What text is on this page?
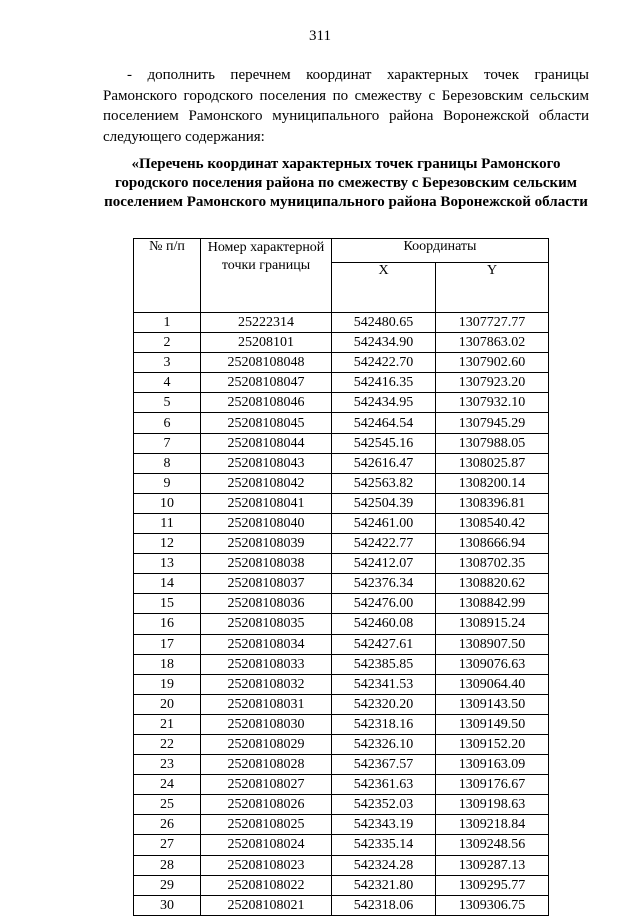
311
- дополнить перечнем координат характерных точек границы Рамонского городского поселения по смежеству с Березовским сельским поселением Рамонского муниципального района Воронежской области следующего содержания:
«Перечень координат характерных точек границы Рамонского городского поселения района по смежеству с Березовским сельским поселением Рамонского муниципального района Воронежской области
№ п/п	Номер характерной точки границы	Координаты	
		X	Y

1	25222314	542480.65	1307727.77
2	25208101	542434.90	1307863.02
3	25208108048	542422.70	1307902.60
4	25208108047	542416.35	1307923.20
5	25208108046	542434.95	1307932.10
6	25208108045	542464.54	1307945.29
7	25208108044	542545.16	1307988.05
8	25208108043	542616.47	1308025.87
9	25208108042	542563.82	1308200.14
10	25208108041	542504.39	1308396.81
11	25208108040	542461.00	1308540.42
12	25208108039	542422.77	1308666.94
13	25208108038	542412.07	1308702.35
14	25208108037	542376.34	1308820.62
15	25208108036	542476.00	1308842.99
16	25208108035	542460.08	1308915.24
17	25208108034	542427.61	1308907.50
18	25208108033	542385.85	1309076.63
19	25208108032	542341.53	1309064.40
20	25208108031	542320.20	1309143.50
21	25208108030	542318.16	1309149.50
22	25208108029	542326.10	1309152.20
23	25208108028	542367.57	1309163.09
24	25208108027	542361.63	1309176.67
25	25208108026	542352.03	1309198.63
26	25208108025	542343.19	1309218.84
27	25208108024	542335.14	1309248.56
28	25208108023	542324.28	1309287.13
29	25208108022	542321.80	1309295.77
30	25208108021	542318.06	1309306.75
